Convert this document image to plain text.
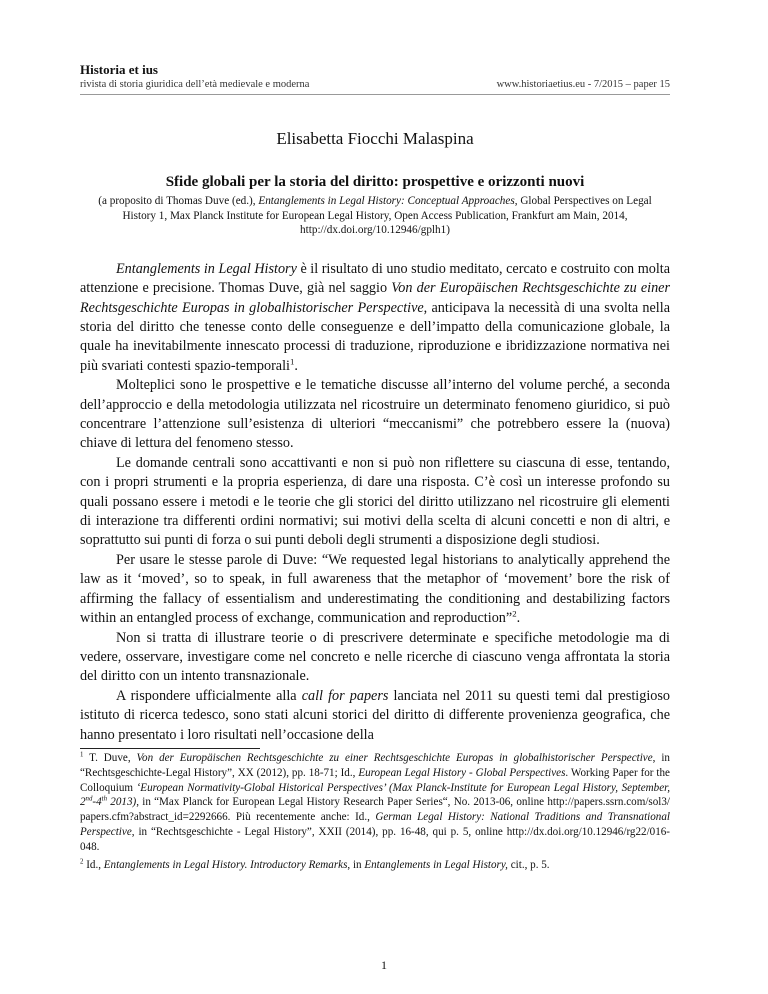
Historia et ius

rivista di storia giuridica dell’età medievale e moderna	www.historiaetius.eu - 7/2015 – paper 15

Elisabetta Fiocchi Malaspina

Sfide globali per la storia del diritto: prospettive e orizzonti nuovi
(a proposito di Thomas Duve (ed.), Entanglements in Legal History: Conceptual Approaches, Global Perspectives on Legal History 1, Max Planck Institute for European Legal History, Open Access Publication, Frankfurt am Main, 2014, http://dx.doi.org/10.12946/gplh1)

Entanglements in Legal History è il risultato di uno studio meditato, cercato e costruito con molta attenzione e precisione. Thomas Duve, già nel saggio Von der Europäischen Rechtsgeschichte zu einer Rechtsgeschichte Europas in globalhistorischer Perspective, anticipava la necessità di una svolta nella storia del diritto che tenesse conto delle conseguenze e dell’impatto della comunicazione globale, la quale ha inevitabilmente innescato processi di traduzione, riproduzione e ibridizzazione normativa nei più svariati contesti spazio-temporali$^1$.

Molteplici sono le prospettive e le tematiche discusse all’interno del volume perché, a seconda dell’approccio e della metodologia utilizzata nel ricostruire un determinato fenomeno giuridico, si può concentrare l’attenzione sull’esistenza di ulteriori “meccanismi” che potrebbero essere la (nuova) chiave di lettura del fenomeno stesso.

Le domande centrali sono accattivanti e non si può non riflettere su ciascuna di esse, tentando, con i propri strumenti e la propria esperienza, di dare una risposta. C’è così un interesse profondo su quali possano essere i metodi e le teorie che gli storici del diritto utilizzano nel ricostruire gli elementi di interazione tra differenti ordini normativi; sui motivi della scelta di alcuni concetti e non di altri, e soprattutto sui punti di forza o sui punti deboli degli strumenti a disposizione degli studiosi.

Per usare le stesse parole di Duve: “We requested legal historians to analytically apprehend the law as it ‘moved’, so to speak, in full awareness that the metaphor of ‘movement’ bore the risk of affirming the fallacy of essentialism and underestimating the conditioning and destabilizing factors within an entangled process of exchange, communication and reproduction”$^2$.

Non si tratta di illustrare teorie o di prescrivere determinate e specifiche metodologie ma di vedere, osservare, investigare come nel concreto e nelle ricerche di ciascuno venga affrontata la storia del diritto con un intento transnazionale.

A rispondere ufficialmente alla call for papers lanciata nel 2011 su questi temi dal prestigioso istituto di ricerca tedesco, sono stati alcuni storici del diritto di differente provenienza geografica, che hanno presentato i loro risultati nell’occasione della

$^1$ T. Duve, Von der Europäischen Rechtsgeschichte zu einer Rechtsgeschichte Europas in globalhistorischer Perspective, in “Rechtsgeschichte-Legal History”, XX (2012), pp. 18-71; Id., European Legal History - Global Perspectives. Working Paper for the Colloquium ‘European Normativity-Global Historical Perspectives’ (Max Planck-Institute for European Legal History, September, 2nd-4th 2013), in “Max Planck for European Legal History Research Paper Series“, No. 2013-06, online http://papers.ssrn.com/sol3/ papers.cfm?abstract_id=2292666. Più recentemente anche: Id., German Legal History: National Traditions and Transnational Perspective, in “Rechtsgeschichte - Legal History”, XXII (2014), pp. 16-48, qui p. 5, online http://dx.doi.org/10.12946/rg22/016-048.

$^2$ Id., Entanglements in Legal History. Introductory Remarks, in Entanglements in Legal History, cit., p. 5.

1
